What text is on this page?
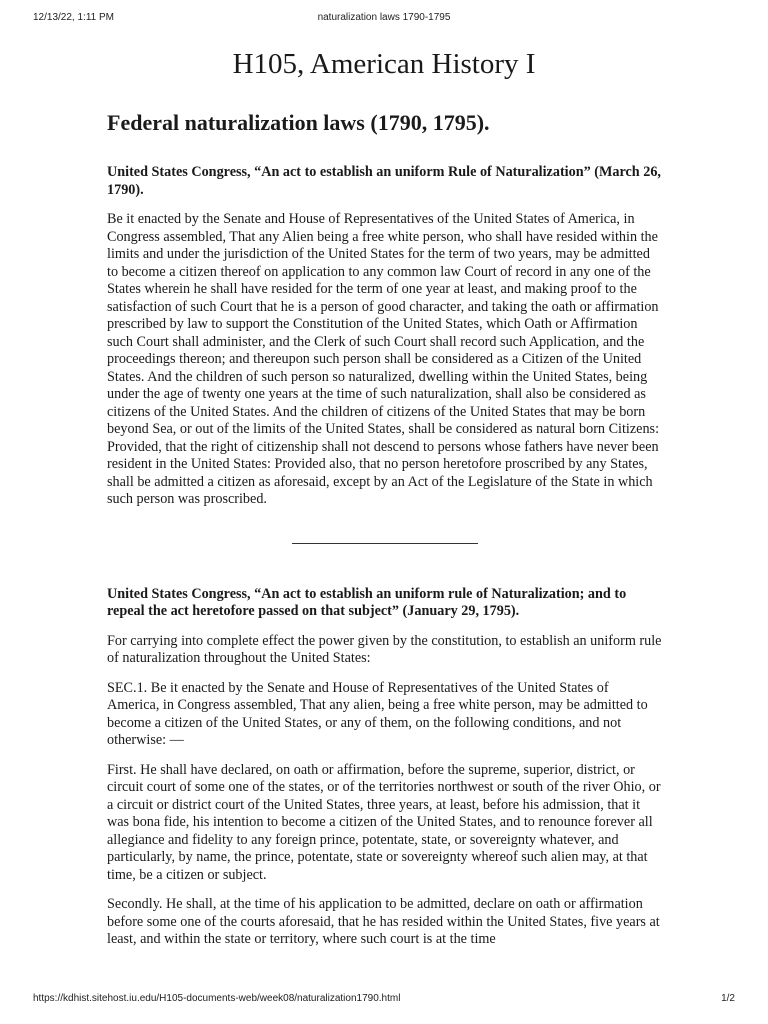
12/13/22, 1:11 PM	naturalization laws 1790-1795
H105, American History I
Federal naturalization laws (1790, 1795).

United States Congress, “An act to establish an uniform Rule of Naturalization” (March 26, 1790).

Be it enacted by the Senate and House of Representatives of the United States of America, in Congress assembled, That any Alien being a free white person, who shall have resided within the limits and under the jurisdiction of the United States for the term of two years, may be admitted to become a citizen thereof on application to any common law Court of record in any one of the States wherein he shall have resided for the term of one year at least, and making proof to the satisfaction of such Court that he is a person of good character, and taking the oath or affirmation prescribed by law to support the Constitution of the United States, which Oath or Affirmation such Court shall administer, and the Clerk of such Court shall record such Application, and the proceedings thereon; and thereupon such person shall be considered as a Citizen of the United States. And the children of such person so naturalized, dwelling within the United States, being under the age of twenty one years at the time of such naturalization, shall also be considered as citizens of the United States. And the children of citizens of the United States that may be born beyond Sea, or out of the limits of the United States, shall be considered as natural born Citizens: Provided, that the right of citizenship shall not descend to persons whose fathers have never been resident in the United States: Provided also, that no person heretofore proscribed by any States, shall be admitted a citizen as aforesaid, except by an Act of the Legislature of the State in which such person was proscribed.

United States Congress, “An act to establish an uniform rule of Naturalization; and to repeal the act heretofore passed on that subject” (January 29, 1795).

For carrying into complete effect the power given by the constitution, to establish an uniform rule of naturalization throughout the United States:

SEC.1. Be it enacted by the Senate and House of Representatives of the United States of America, in Congress assembled, That any alien, being a free white person, may be admitted to become a citizen of the United States, or any of them, on the following conditions, and not otherwise: —

First. He shall have declared, on oath or affirmation, before the supreme, superior, district, or circuit court of some one of the states, or of the territories northwest or south of the river Ohio, or a circuit or district court of the United States, three years, at least, before his admission, that it was bona fide, his intention to become a citizen of the United States, and to renounce forever all allegiance and fidelity to any foreign prince, potentate, state, or sovereignty whatever, and particularly, by name, the prince, potentate, state or sovereignty whereof such alien may, at that time, be a citizen or subject.

Secondly. He shall, at the time of his application to be admitted, declare on oath or affirmation before some one of the courts aforesaid, that he has resided within the United States, five years at least, and within the state or territory, where such court is at the time

https://kdhist.sitehost.iu.edu/H105-documents-web/week08/naturalization1790.html	1/2
